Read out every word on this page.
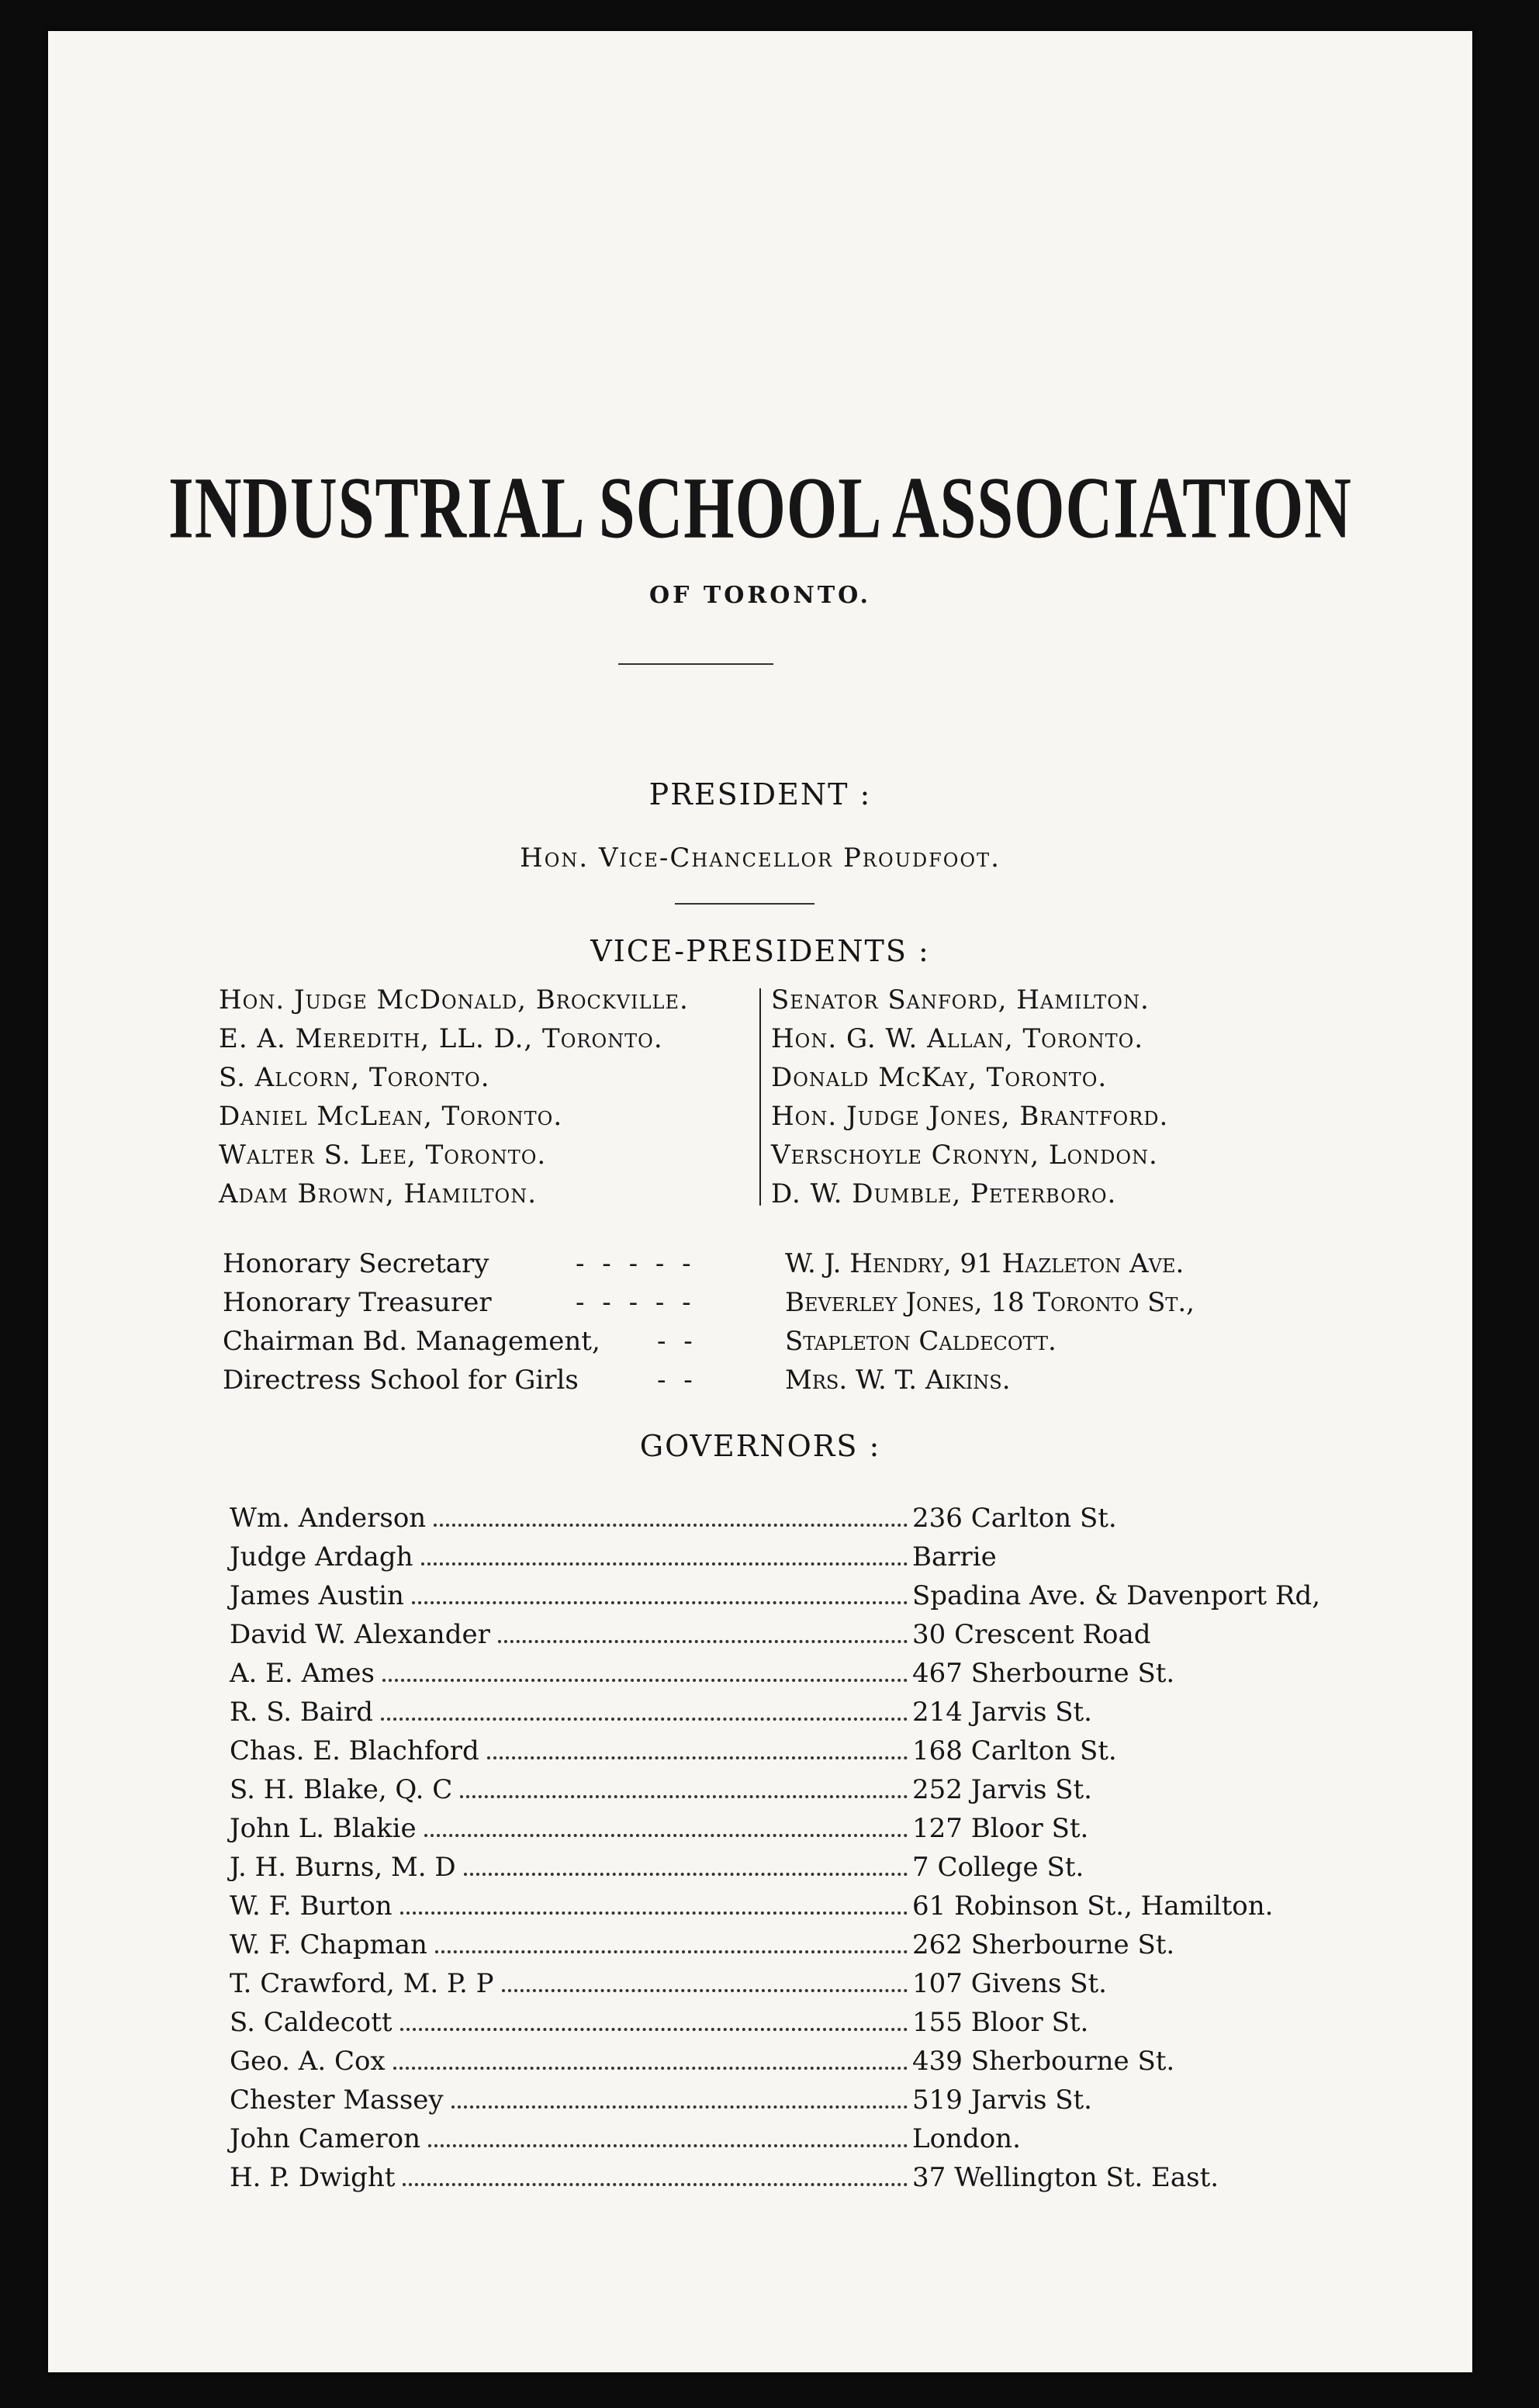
INDUSTRIAL SCHOOL ASSOCIATION
OF TORONTO.
PRESIDENT :
Hon. Vice-Chancellor Proudfoot.
VICE-PRESIDENTS :
Hon. Judge McDonald, Brockville.
E. A. Meredith, LL. D., Toronto.
S. Alcorn, Toronto.
Daniel McLean, Toronto.
Walter S. Lee, Toronto.
Adam Brown, Hamilton.
Senator Sanford, Hamilton.
Hon. G. W. Allan, Toronto.
Donald McKay, Toronto.
Hon. Judge Jones, Brantford.
Verschoyle Cronyn, London.
D. W. Dumble, Peterboro.
Honorary Secretary	- - - - -	W. J. Hendry, 91 Hazleton Ave.
Honorary Treasurer	- - - - -	Beverley Jones, 18 Toronto St.,
Chairman Bd. Management, - -	Stapleton Caldecott.
Directress School for Girls	- -	Mrs. W. T. Aikins.
GOVERNORS :
Wm. Anderson	236 Carlton St.
Judge Ardagh	Barrie
James Austin	Spadina Ave. & Davenport Rd,
David W. Alexander	30 Crescent Road
A. E. Ames	467 Sherbourne St.
R. S. Baird	214 Jarvis St.
Chas. E. Blachford	168 Carlton St.
S. H. Blake, Q. C	252 Jarvis St.
John L. Blakie	127 Bloor St.
J. H. Burns, M. D	7 College St.
W. F. Burton	61 Robinson St., Hamilton.
W. F. Chapman	262 Sherbourne St.
T. Crawford, M. P. P	107 Givens St.
S. Caldecott	155 Bloor St.
Geo. A. Cox	439 Sherbourne St.
Chester Massey	519 Jarvis St.
John Cameron	London.
H. P. Dwight	37 Wellington St. East.
